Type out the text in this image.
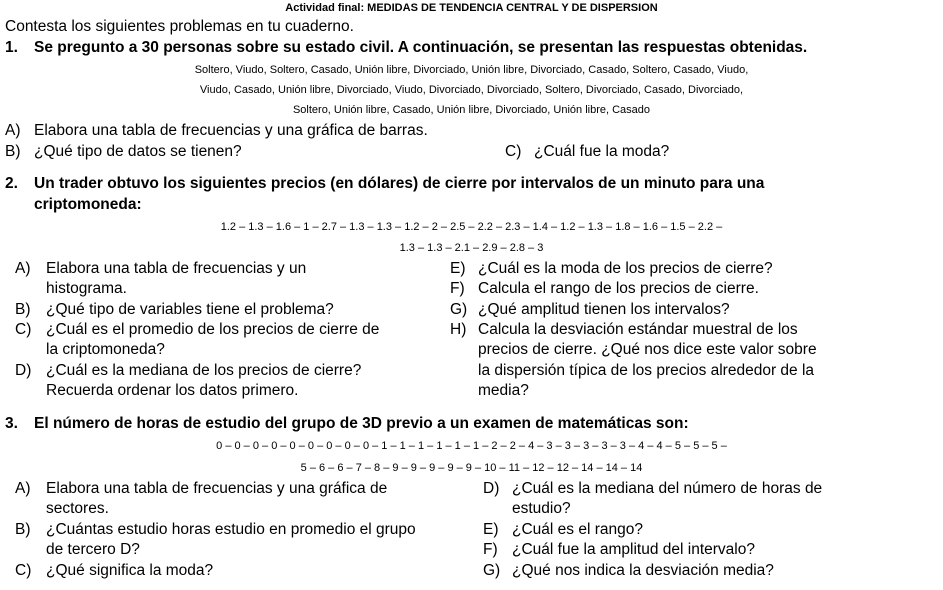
Actividad final: MEDIDAS DE TENDENCIA CENTRAL Y DE DISPERSION
Contesta los siguientes problemas en tu cuaderno.
1. Se pregunto a 30 personas sobre su estado civil. A continuación, se presentan las respuestas obtenidas.
Soltero, Viudo, Soltero, Casado, Unión libre, Divorciado, Unión libre, Divorciado, Casado, Soltero, Casado, Viudo,
Viudo, Casado, Unión libre, Divorciado, Viudo, Divorciado, Divorciado, Soltero, Divorciado, Casado, Divorciado,
Soltero, Unión libre, Casado, Unión libre, Divorciado, Unión libre, Casado
A) Elabora una tabla de frecuencias y una gráfica de barras.
B) ¿Qué tipo de datos se tienen?	C) ¿Cuál fue la moda?
2. Un trader obtuvo los siguientes precios (en dólares) de cierre por intervalos de un minuto para una
criptomoneda:
1.2 – 1.3 – 1.6 – 1 – 2.7 – 1.3 – 1.3 – 1.2 – 2 – 2.5 – 2.2 – 2.3 – 1.4 – 1.2 – 1.3 – 1.8 – 1.6 – 1.5 – 2.2 –
1.3 – 1.3 – 2.1 – 2.9 – 2.8 – 3
A) Elabora una tabla de frecuencias y un
histograma.
B) ¿Qué tipo de variables tiene el problema?
C) ¿Cuál es el promedio de los precios de cierre de
la criptomoneda?
D) ¿Cuál es la mediana de los precios de cierre?
Recuerda ordenar los datos primero.
E) ¿Cuál es la moda de los precios de cierre?
F) Calcula el rango de los precios de cierre.
G) ¿Qué amplitud tienen los intervalos?
H) Calcula la desviación estándar muestral de los
precios de cierre. ¿Qué nos dice este valor sobre
la dispersión típica de los precios alrededor de la
media?
3. El número de horas de estudio del grupo de 3D previo a un examen de matemáticas son:
0 – 0 – 0 – 0 – 0 – 0 – 0 – 0 – 0 – 1 – 1 – 1 – 1 – 1 – 1 – 2 – 2 – 4 – 3 – 3 – 3 – 3 – 3 – 4 – 4 – 5 – 5 – 5 –
5 – 6 – 6 – 7 – 8 – 9 – 9 – 9 – 9 – 9 – 10 – 11 – 12 – 12 – 14 – 14 – 14
A) Elabora una tabla de frecuencias y una gráfica de
sectores.
B) ¿Cuántas estudio horas estudio en promedio el grupo
de tercero D?
C) ¿Qué significa la moda?
D) ¿Cuál es la mediana del número de horas de
estudio?
E) ¿Cuál es el rango?
F) ¿Cuál fue la amplitud del intervalo?
G) ¿Qué nos indica la desviación media?
